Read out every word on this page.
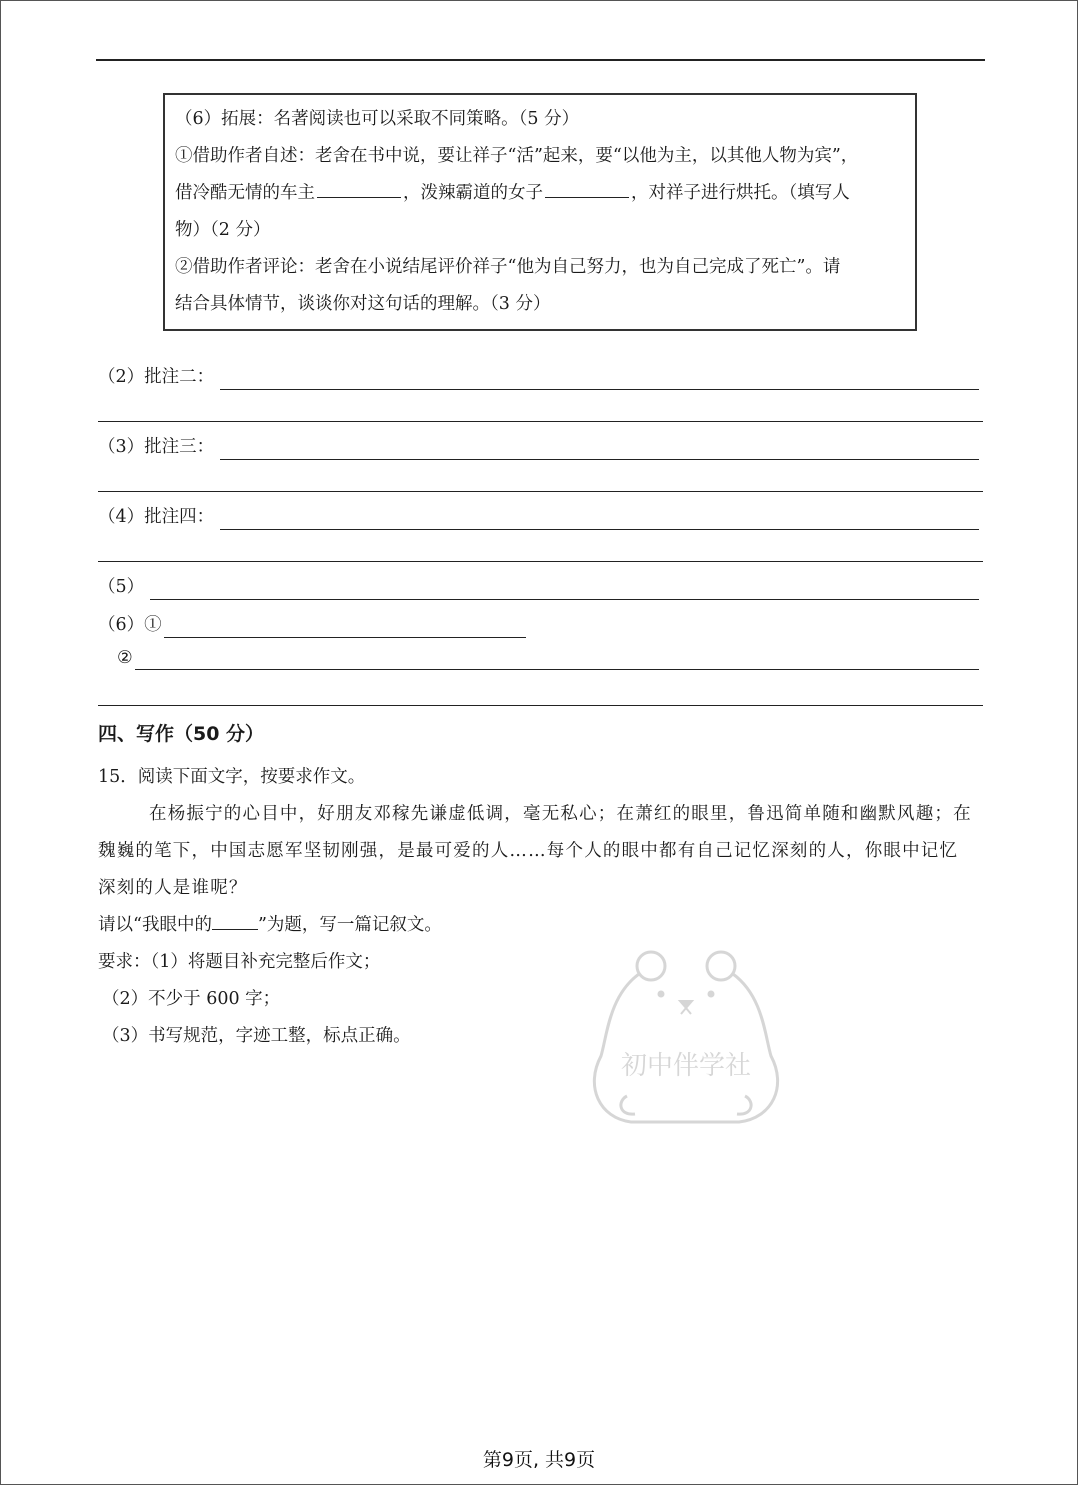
（6）拓展：名著阅读也可以采取不同策略。（5 分）

①借助作者自述：老舍在书中说，要让祥子“活”起来，要“以他为主，以其他人物为宾”，

借冷酷无情的车主	，泼辣霸道的女子	，对祥子进行烘托。（填写人

物）（2 分）

②借助作者评论：老舍在小说结尾评价祥子“他为自己努力，也为自己完成了死亡”。请

结合具体情节，谈谈你对这句话的理解。（3 分）

（2）批注二：
（3）批注三：
（4）批注四：
（5）
（6）①
②
四、写作（50 分）
15．阅读下面文字，按要求作文。
在杨振宁的心目中，好朋友邓稼先谦虚低调，毫无私心；在萧红的眼里，鲁迅简单随和幽默风趣；在
魏巍的笔下，中国志愿军坚韧刚强，是最可爱的人……每个人的眼中都有自己记忆深刻的人，你眼中记忆
深刻的人是谁呢？
请以“我眼中的	”为题，写一篇记叙文。
要求：（1）将题目补充完整后作文；
（2）不少于 600 字；
（3）书写规范，字迹工整，标点正确。
初中伴学社
第9页, 共9页
